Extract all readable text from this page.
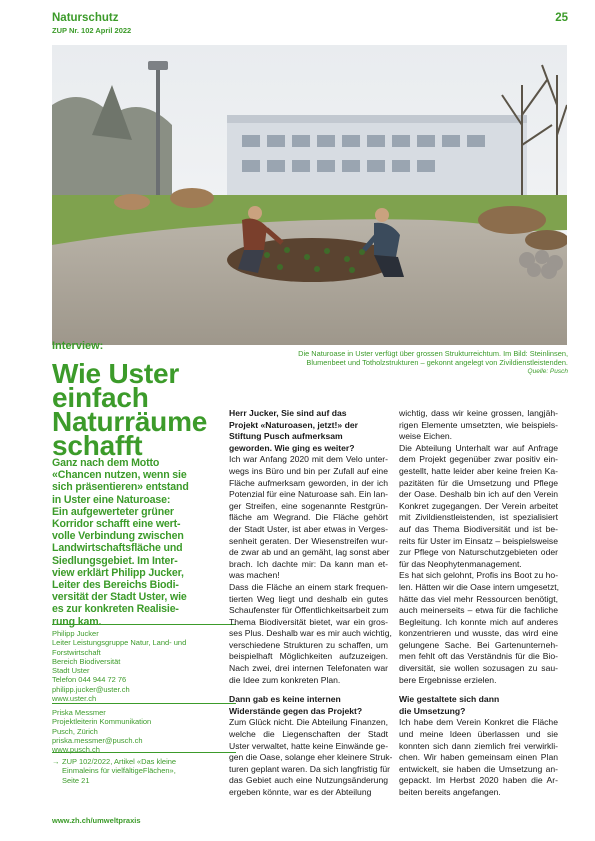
Naturschutz
ZUP Nr. 102 April 2022
25
Interview:
Wie Uster
einfach
Naturräume
schafft
Ganz nach dem Motto
«Chancen nutzen, wenn sie
sich präsentieren» entstand
in Uster eine Naturoase:
Ein aufgewerteter grüner
Korridor schafft eine wert-
volle Verbindung zwischen
Landwirtschaftsfläche und
Siedlungsgebiet. Im Inter-
view erklärt Philipp Jucker,
Leiter des Bereichs Biodi-
versität der Stadt Uster, wie
es zur konkreten Realisie-
rung kam.
Philipp Jucker
Leiter Leistungsgruppe Natur, Land- und
Forstwirtschaft
Bereich Biodiversität
Stadt Uster
Telefon 044 944 72 76
philipp.jucker@uster.ch
www.uster.ch
Priska Messmer
Projektleiterin Kommunikation
Pusch, Zürich
priska.messmer@pusch.ch
www.pusch.ch
→ ZUP 102/2022, Artikel «Das kleine
Einmaleins für vielfältigeFlächen»,
Seite 21
www.zh.ch/umweltpraxis
Die Naturoase in Uster verfügt über grossen Strukturreichtum. Im Bild: Steinlinsen,
Blumenbeet und Totholzstrukturen – gekonnt angelegt von Zivildienstleistenden.
Quelle: Pusch
Herr Jucker, Sie sind auf das
Projekt «Naturoasen, jetzt!» der
Stiftung Pusch aufmerksam
geworden. Wie ging es weiter?
Ich war Anfang 2020 mit dem Velo unter-
wegs ins Büro und bin per Zufall auf eine
Fläche aufmerksam geworden, in der ich
Potenzial für eine Naturoase sah. Ein lan-
ger Streifen, eine sogenannte Restgrün-
fläche am Wegrand. Die Fläche gehört
der Stadt Uster, ist aber etwas in Verges-
senheit geraten. Der Wiesenstreifen wur-
de zwar ab und an gemäht, lag sonst aber
brach. Ich dachte mir: Da kann man et-
was machen!
Dass die Fläche an einem stark frequen-
tierten Weg liegt und deshalb ein gutes
Schaufenster für Öffentlichkeitsarbeit zum
Thema Biodiversität bietet, war ein gros-
ses Plus. Deshalb war es mir auch wichtig,
verschiedene Strukturen zu schaffen, um
beispielhaft Möglichkeiten aufzuzeigen.
Nach zwei, drei internen Telefonaten war
die Idee zum konkreten Plan.
Dann gab es keine internen
Widerstände gegen das Projekt?
Zum Glück nicht. Die Abteilung Finanzen,
welche die Liegenschaften der Stadt
Uster verwaltet, hatte keine Einwände ge-
gen die Oase, solange eher kleinere Struk-
turen geplant waren. Da sich langfristig für
das Gebiet auch eine Nutzungsänderung
ergeben könnte, war es der Abteilung
wichtig, dass wir keine grossen, langjäh-
rigen Elemente umsetzten, wie beispiels-
weise Eichen.
Die Abteilung Unterhalt war auf Anfrage
dem Projekt gegenüber zwar positiv ein-
gestellt, hatte leider aber keine freien Ka-
pazitäten für die Umsetzung und Pflege
der Oase. Deshalb bin ich auf den Verein
Konkret zugegangen. Der Verein arbeitet
mit Zivildienstleistenden, ist spezialisiert
auf das Thema Biodiversität und ist be-
reits für Uster im Einsatz – beispielsweise
zur Pflege von Naturschutzgebieten oder
für das Neophytenmanagement.
Es hat sich gelohnt, Profis ins Boot zu ho-
len. Hätten wir die Oase intern umgesetzt,
hätte das viel mehr Ressourcen benötigt,
auch meinerseits – etwa für die fachliche
Begleitung. Ich konnte mich auf anderes
konzentrieren und wusste, das wird eine
gelungene Sache. Bei Gartenunterneh-
men fehlt oft das Verständnis für die Bio-
diversität, sie wollen sozusagen zu sau-
bere Ergebnisse erzielen.
Wie gestaltete sich dann
die Umsetzung?
Ich habe dem Verein Konkret die Fläche
und meine Ideen überlassen und sie
konnten sich dann ziemlich frei verwirkli-
chen. Wir haben gemeinsam einen Plan
entwickelt, sie haben die Umsetzung an-
gepackt. Im Herbst 2020 haben die Ar-
beiten bereits angefangen.
